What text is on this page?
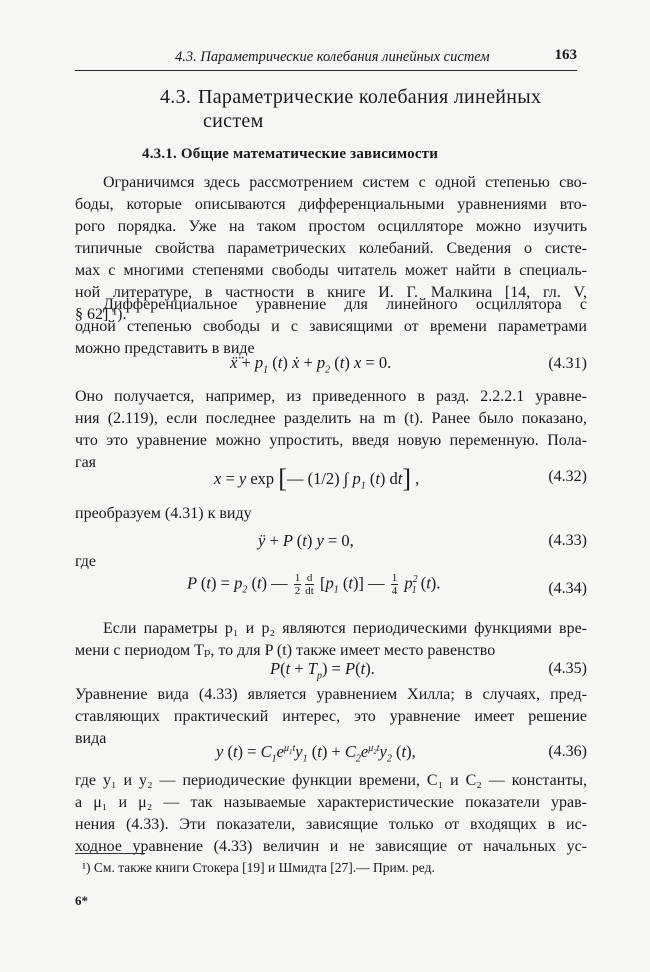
4.3. Параметрические колебания линейных систем	163
4.3. Параметрические колебания линейных
систем
4.3.1. Общие математические зависимости
Ограничимся здесь рассмотрением систем с одной степенью сво-
боды, которые описываются дифференциальными уравнениями вто-
рого порядка. Уже на таком простом осцилляторе можно изучить
типичные свойства параметрических колебаний. Сведения о систе-
мах с многими степенями свободы читатель может найти в специаль-
ной литературе, в частности в книге И. Г. Малкина [14, гл. V,
§ 62] ¹).
Дифференциальное уравнение для линейного осциллятора с
одной степенью свободы и с зависящими от времени параметрами
можно представить в виде
ẍ̈ + $p_1$ (t) ẋ + $p_2$ (t) x = 0.	(4.31)
Оно получается, например, из приведенного в разд. 2.2.2.1 уравне-
ния (2.119), если последнее разделить на m (t). Ранее было показано,
что это уравнение можно упростить, введя новую переменную. Пола-
гая
x = y exp [— (1/2) ∫ $p_1$ (t) dt] ,	(4.32)
преобразуем (4.31) к виду
ÿ + P (t) y = 0,	(4.33)
где
P $(t) = p_2$ (t) — $\frac{1}{2} \frac{d}{dt} [p_1$ (t)] — $\frac{1}{4} p^2_1$ (t).	(4.34)
Если параметры p₁ и p₂ являются периодическими функциями вре-
мени с периодом Tₚ, то для P (t) также имеет место равенство
$P(t + T_p) = P(t)$.	(4.35)
Уравнение вида (4.33) является уравнением Хилла; в случаях, пред-
ставляющих практический интерес, это уравнение имеет решение
вида
y $(t) = C_1e^{\mu_1t}y_1$ $(t) + C_2e^{\mu_2t}y_2$ (t),	(4.36)
где y₁ и y₂ — периодические функции времени, C₁ и C₂ — константы,
а μ₁ и μ₂ — так называемые характеристические показатели урав-
нения (4.33). Эти показатели, зависящие только от входящих в ис-
ходное уравнение (4.33) величин и не зависящие от начальных ус-
¹) См. также книги Стокера [19] и Шмидта [27].— Прим. ред.
6*
